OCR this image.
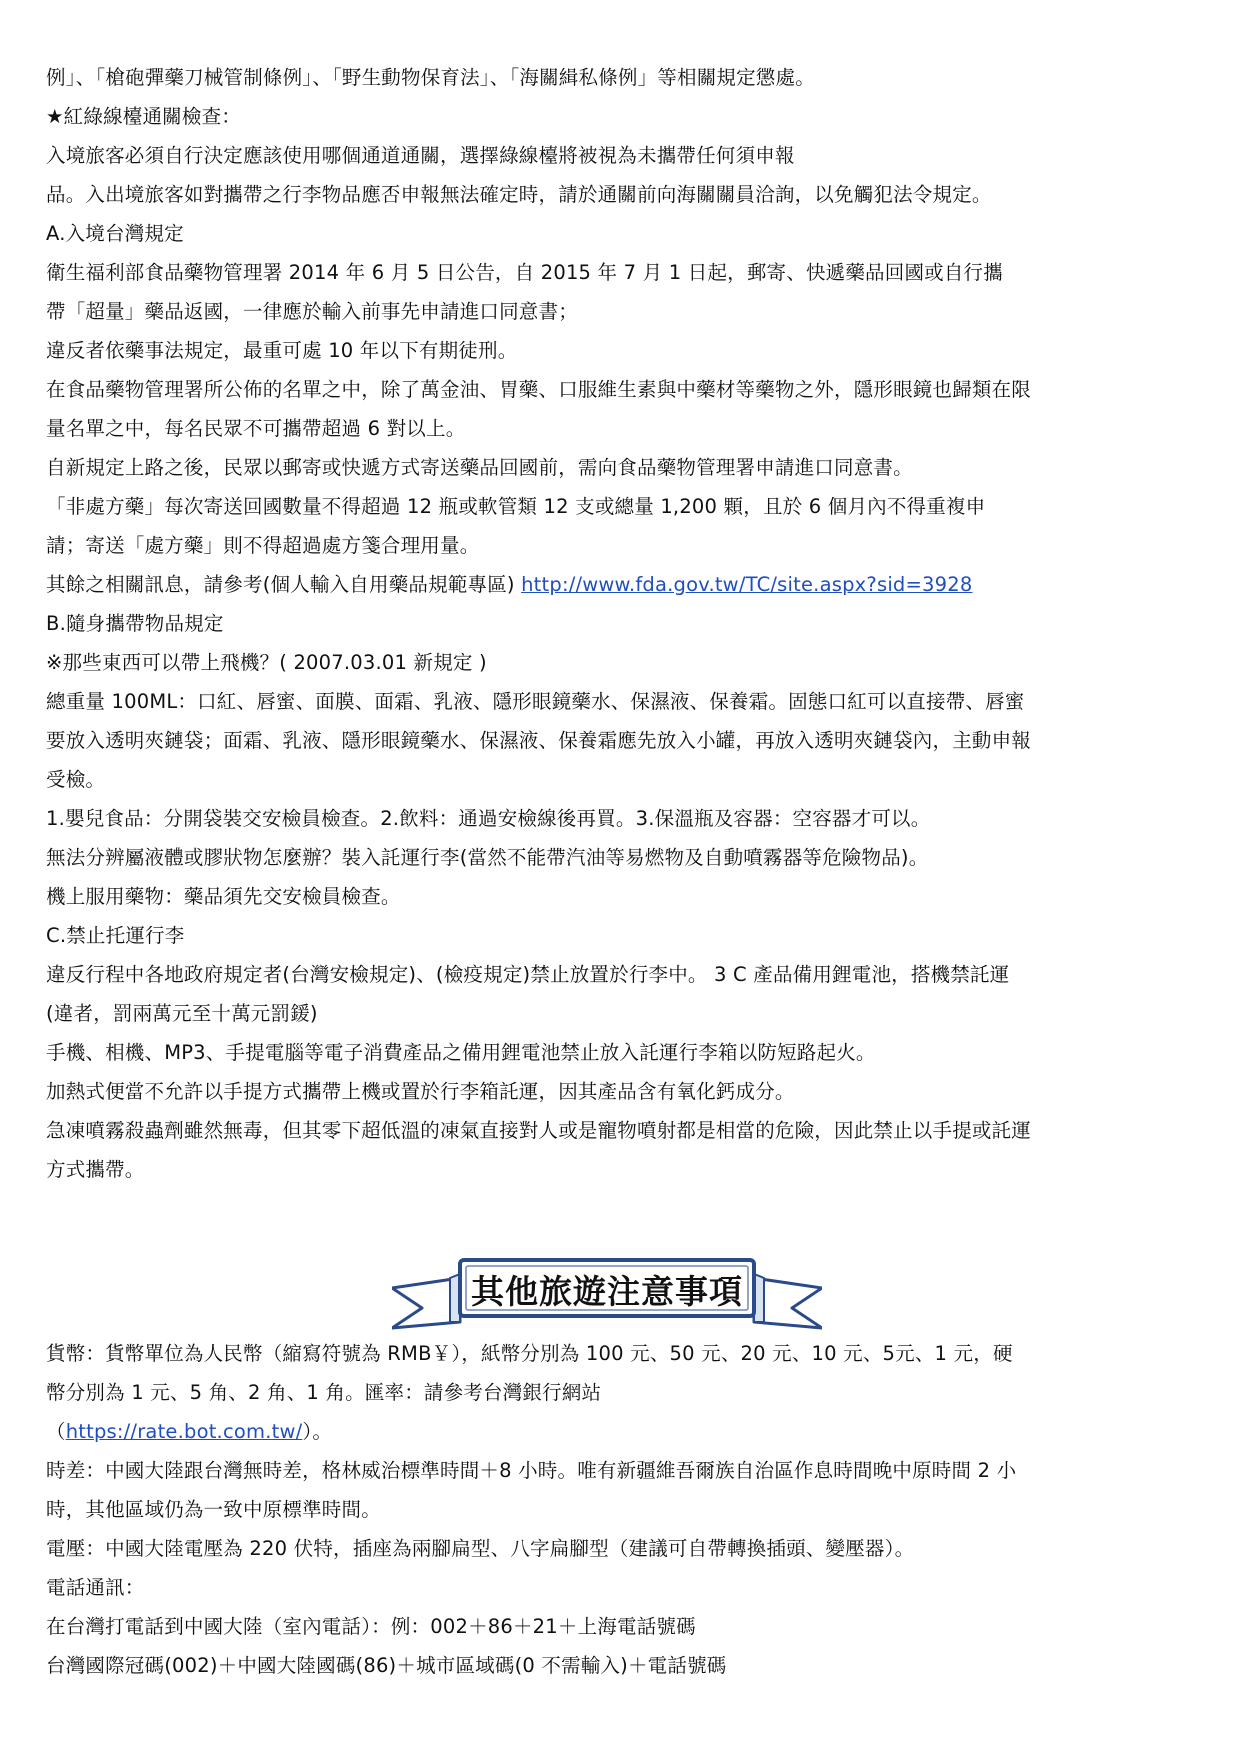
例」、「槍砲彈藥刀械管制條例」、「野生動物保育法」、「海關緝私條例」等相關規定懲處。
★紅綠線檯通關檢查：
入境旅客必須自行決定應該使用哪個通道通關，選擇綠線檯將被視為未攜帶任何須申報
品。入出境旅客如對攜帶之行李物品應否申報無法確定時，請於通關前向海關關員洽詢，以免觸犯法令規定。
A.入境台灣規定
衛生福利部食品藥物管理署 2014 年 6 月 5 日公告，自 2015 年 7 月 1 日起，郵寄、快遞藥品回國或自行攜
帶「超量」藥品返國，一律應於輸入前事先申請進口同意書；
違反者依藥事法規定，最重可處 10 年以下有期徒刑。
在食品藥物管理署所公佈的名單之中，除了萬金油、胃藥、口服維生素與中藥材等藥物之外，隱形眼鏡也歸類在限
量名單之中，每名民眾不可攜帶超過 6 對以上。
自新規定上路之後，民眾以郵寄或快遞方式寄送藥品回國前，需向食品藥物管理署申請進口同意書。
「非處方藥」每次寄送回國數量不得超過 12 瓶或軟管類 12 支或總量 1,200 顆，且於 6 個月內不得重複申
請；寄送「處方藥」則不得超過處方箋合理用量。
其餘之相關訊息，請參考(個人輸入自用藥品規範專區) http://www.fda.gov.tw/TC/site.aspx?sid=3928
B.隨身攜帶物品規定
※那些東西可以帶上飛機？( 2007.03.01 新規定 )
總重量 100ML：口紅、唇蜜、面膜、面霜、乳液、隱形眼鏡藥水、保濕液、保養霜。固態口紅可以直接帶、唇蜜
要放入透明夾鏈袋；面霜、乳液、隱形眼鏡藥水、保濕液、保養霜應先放入小罐，再放入透明夾鏈袋內，主動申報
受檢。
1.嬰兒食品：分開袋裝交安檢員檢查。2.飲料：通過安檢線後再買。3.保溫瓶及容器：空容器才可以。
無法分辨屬液體或膠狀物怎麼辦？裝入託運行李(當然不能帶汽油等易燃物及自動噴霧器等危險物品)。
機上服用藥物：藥品須先交安檢員檢查。
C.禁止托運行李
違反行程中各地政府規定者(台灣安檢規定)、(檢疫規定)禁止放置於行李中。 3 C 產品備用鋰電池，搭機禁託運
(違者，罰兩萬元至十萬元罰鍰)
手機、相機、MP3、手提電腦等電子消費產品之備用鋰電池禁止放入託運行李箱以防短路起火。
加熱式便當不允許以手提方式攜帶上機或置於行李箱託運，因其產品含有氧化鈣成分。
急凍噴霧殺蟲劑雖然無毒，但其零下超低溫的凍氣直接對人或是寵物噴射都是相當的危險，因此禁止以手提或託運
方式攜帶。
其他旅遊注意事項
貨幣：貨幣單位為人民幣（縮寫符號為 RMB￥），紙幣分別為 100 元、50 元、20 元、10 元、5元、1 元，硬
幣分別為 1 元、5 角、2 角、1 角。匯率：請參考台灣銀行網站
（https://rate.bot.com.tw/）。
時差：中國大陸跟台灣無時差，格林威治標準時間＋8 小時。唯有新疆維吾爾族自治區作息時間晚中原時間 2 小
時，其他區域仍為一致中原標準時間。
電壓：中國大陸電壓為 220 伏特，插座為兩腳扁型、八字扁腳型（建議可自帶轉換插頭、變壓器）。
電話通訊：
在台灣打電話到中國大陸（室內電話）：例：002＋86＋21＋上海電話號碼
台灣國際冠碼(002)＋中國大陸國碼(86)＋城市區域碼(0 不需輸入)＋電話號碼
